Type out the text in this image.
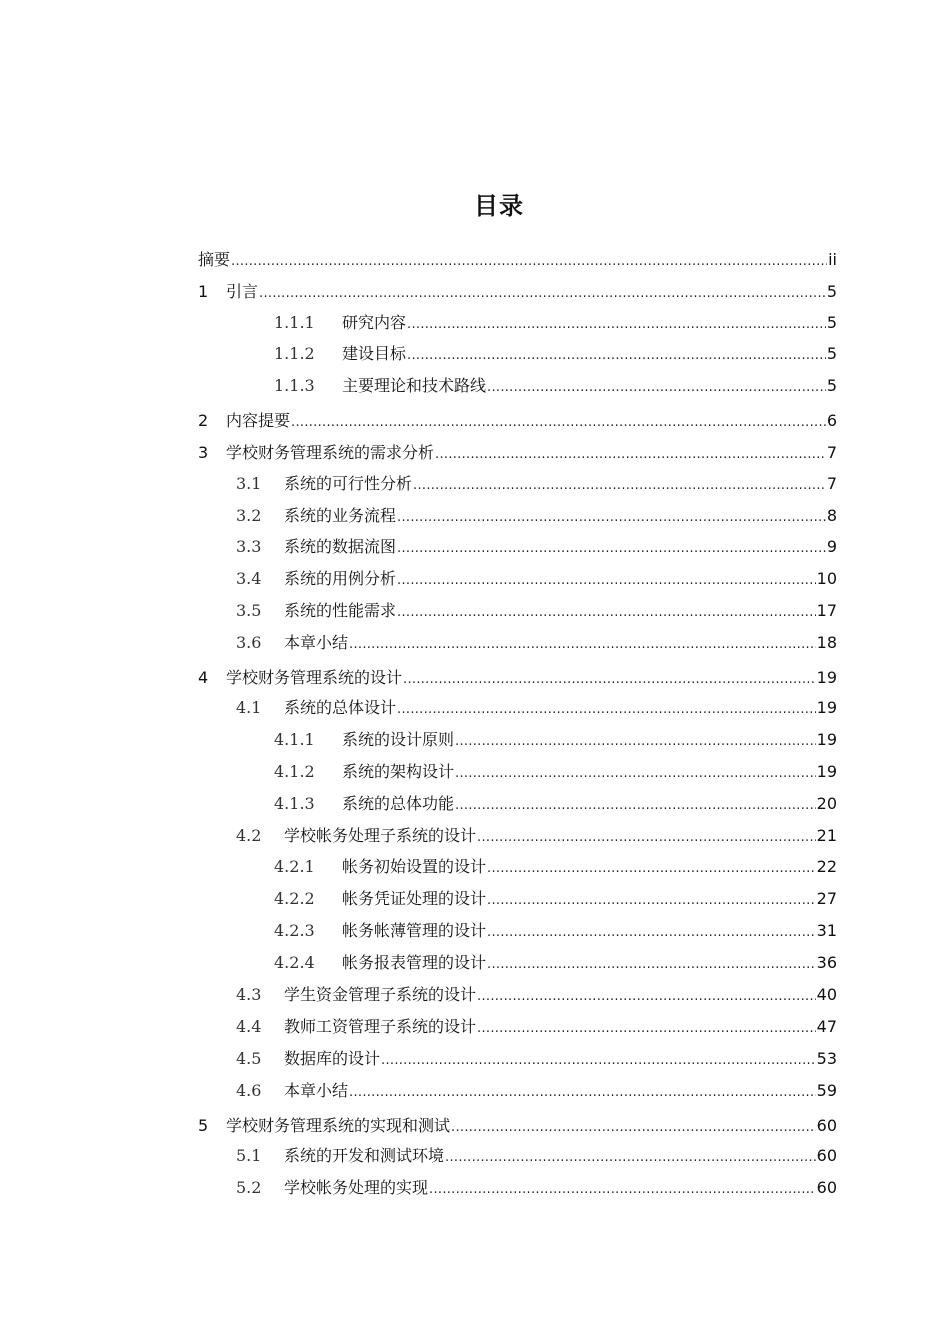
目录
摘要 .....	ii
1	引言 .....	5
1.1.1	研究内容 .....	5
1.1.2	建设目标 .....	5
1.1.3	主要理论和技术路线 .....	5
2	内容提要 .....	6
3	学校财务管理系统的需求分析 .....	7
3.1	系统的可行性分析 .....	7
3.2	系统的业务流程 .....	8
3.3	系统的数据流图 .....	9
3.4	系统的用例分析 .....	10
3.5	系统的性能需求 .....	17
3.6	本章小结 .....	18
4	学校财务管理系统的设计 .....	19
4.1	系统的总体设计 .....	19
4.1.1	系统的设计原则 .....	19
4.1.2	系统的架构设计 .....	19
4.1.3	系统的总体功能 .....	20
4.2	学校帐务处理子系统的设计 .....	21
4.2.1	帐务初始设置的设计 .....	22
4.2.2	帐务凭证处理的设计 .....	27
4.2.3	帐务帐薄管理的设计 .....	31
4.2.4	帐务报表管理的设计 .....	36
4.3	学生资金管理子系统的设计 .....	40
4.4	教师工资管理子系统的设计 .....	47
4.5	数据库的设计 .....	53
4.6	本章小结 .....	59
5	学校财务管理系统的实现和测试 .....	60
5.1	系统的开发和测试环境 .....	60
5.2	学校帐务处理的实现 .....	60
